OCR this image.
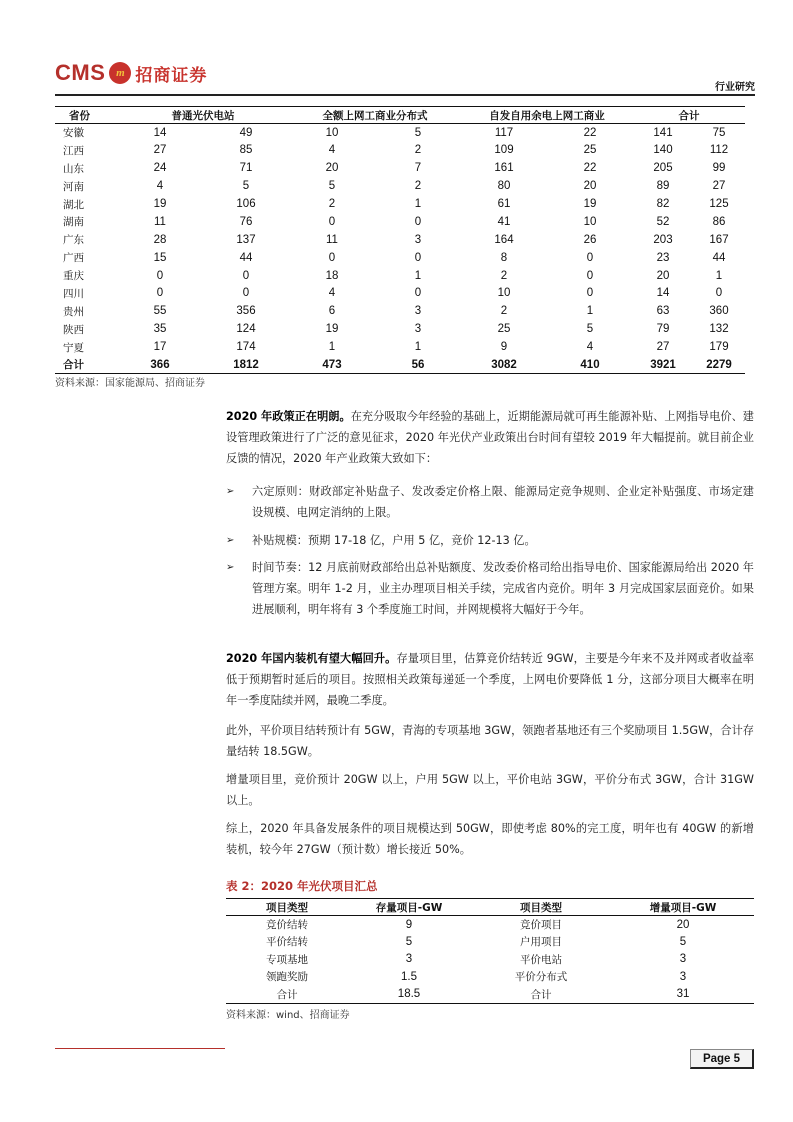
CMS m 招商证券
行业研究
省份	普通光伏电站		全额上网工商业分布式		自发自用余电上网工商业		合计	
安徽	14	49	10	5	117	22	141	75
江西	27	85	4	2	109	25	140	112
山东	24	71	20	7	161	22	205	99
河南	4	5	5	2	80	20	89	27
湖北	19	106	2	1	61	19	82	125
湖南	11	76	0	0	41	10	52	86
广东	28	137	11	3	164	26	203	167
广西	15	44	0	0	8	0	23	44
重庆	0	0	18	1	2	0	20	1
四川	0	0	4	0	10	0	14	0
贵州	55	356	6	3	2	1	63	360
陕西	35	124	19	3	25	5	79	132
宁夏	17	174	1	1	9	4	27	179
合计	366	1812	473	56	3082	410	3921	2279
资料来源：国家能源局、招商证券
2020 年政策正在明朗。在充分吸取今年经验的基础上，近期能源局就可再生能源补贴、上网指导电价、建设管理政策进行了广泛的意见征求，2020 年光伏产业政策出台时间有望较 2019 年大幅提前。就目前企业反馈的情况，2020 年产业政策大致如下：
➢ 六定原则：财政部定补贴盘子、发改委定价格上限、能源局定竞争规则、企业定补贴强度、市场定建设规模、电网定消纳的上限。
➢ 补贴规模：预期 17-18 亿，户用 5 亿，竞价 12-13 亿。
➢ 时间节奏：12 月底前财政部给出总补贴额度、发改委价格司给出指导电价、国家能源局给出 2020 年管理方案。明年 1-2 月，业主办理项目相关手续，完成省内竞价。明年 3 月完成国家层面竞价。如果进展顺利，明年将有 3 个季度施工时间，并网规模将大幅好于今年。
2020 年国内装机有望大幅回升。存量项目里，估算竞价结转近 9GW，主要是今年来不及并网或者收益率低于预期暂时延后的项目。按照相关政策每递延一个季度，上网电价要降低 1 分，这部分项目大概率在明年一季度陆续并网，最晚二季度。
此外，平价项目结转预计有 5GW，青海的专项基地 3GW，领跑者基地还有三个奖励项目 1.5GW，合计存量结转 18.5GW。
增量项目里，竞价预计 20GW 以上，户用 5GW 以上，平价电站 3GW，平价分布式 3GW，合计 31GW 以上。
综上，2020 年具备发展条件的项目规模达到 50GW，即使考虑 80%的完工度，明年也有 40GW 的新增装机，较今年 27GW（预计数）增长接近 50%。
表 2：2020 年光伏项目汇总
项目类型	存量项目-GW	项目类型	增量项目-GW
竞价结转	9	竞价项目	20
平价结转	5	户用项目	5
专项基地	3	平价电站	3
领跑奖励	1.5	平价分布式	3
合计	18.5	合计	31
资料来源：wind、招商证券
Page 5
